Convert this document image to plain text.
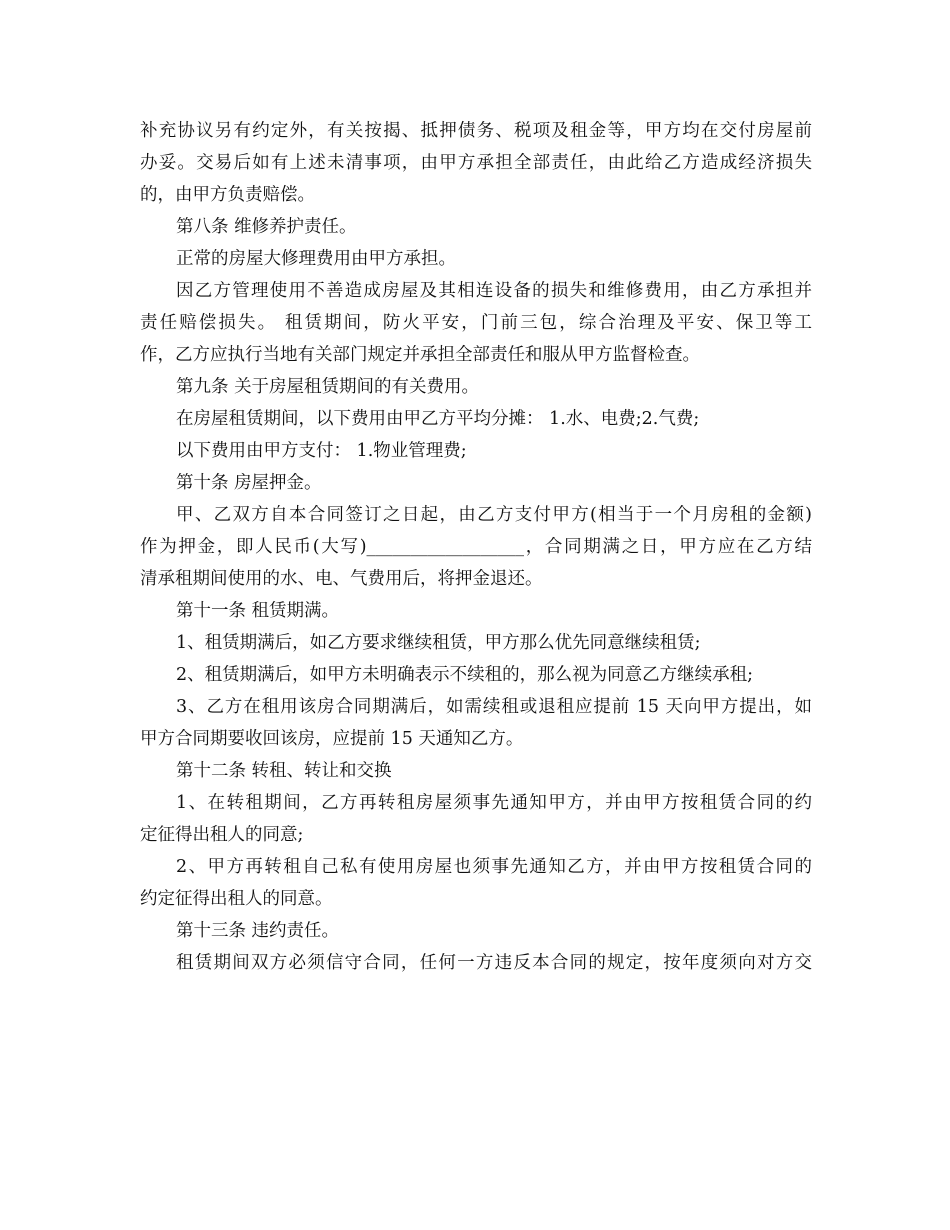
补充协议另有约定外，有关按揭、抵押债务、税项及租金等，甲方均在交付房屋前
办妥。交易后如有上述未清事项，由甲方承担全部责任，由此给乙方造成经济损失
的，由甲方负责赔偿。
第八条 维修养护责任。
正常的房屋大修理费用由甲方承担。
因乙方管理使用不善造成房屋及其相连设备的损失和维修费用，由乙方承担并
责任赔偿损失。 租赁期间，防火平安，门前三包，综合治理及平安、保卫等工
作，乙方应执行当地有关部门规定并承担全部责任和服从甲方监督检查。
第九条 关于房屋租赁期间的有关费用。
在房屋租赁期间，以下费用由甲乙方平均分摊： 1.水、电费;2.气费;
以下费用由甲方支付： 1.物业管理费;
第十条 房屋押金。
甲、乙双方自本合同签订之日起，由乙方支付甲方(相当于一个月房租的金额)
作为押金，即人民币(大写)__________________，合同期满之日，甲方应在乙方结
清承租期间使用的水、电、气费用后，将押金退还。
第十一条 租赁期满。
1、租赁期满后，如乙方要求继续租赁，甲方那么优先同意继续租赁;
2、租赁期满后，如甲方未明确表示不续租的，那么视为同意乙方继续承租;
3、乙方在租用该房合同期满后，如需续租或退租应提前 15 天向甲方提出，如
甲方合同期要收回该房，应提前 15 天通知乙方。
第十二条 转租、转让和交换
1、在转租期间，乙方再转租房屋须事先通知甲方，并由甲方按租赁合同的约
定征得出租人的同意;
2、甲方再转租自己私有使用房屋也须事先通知乙方，并由甲方按租赁合同的
约定征得出租人的同意。
第十三条 违约责任。
租赁期间双方必须信守合同，任何一方违反本合同的规定，按年度须向对方交
